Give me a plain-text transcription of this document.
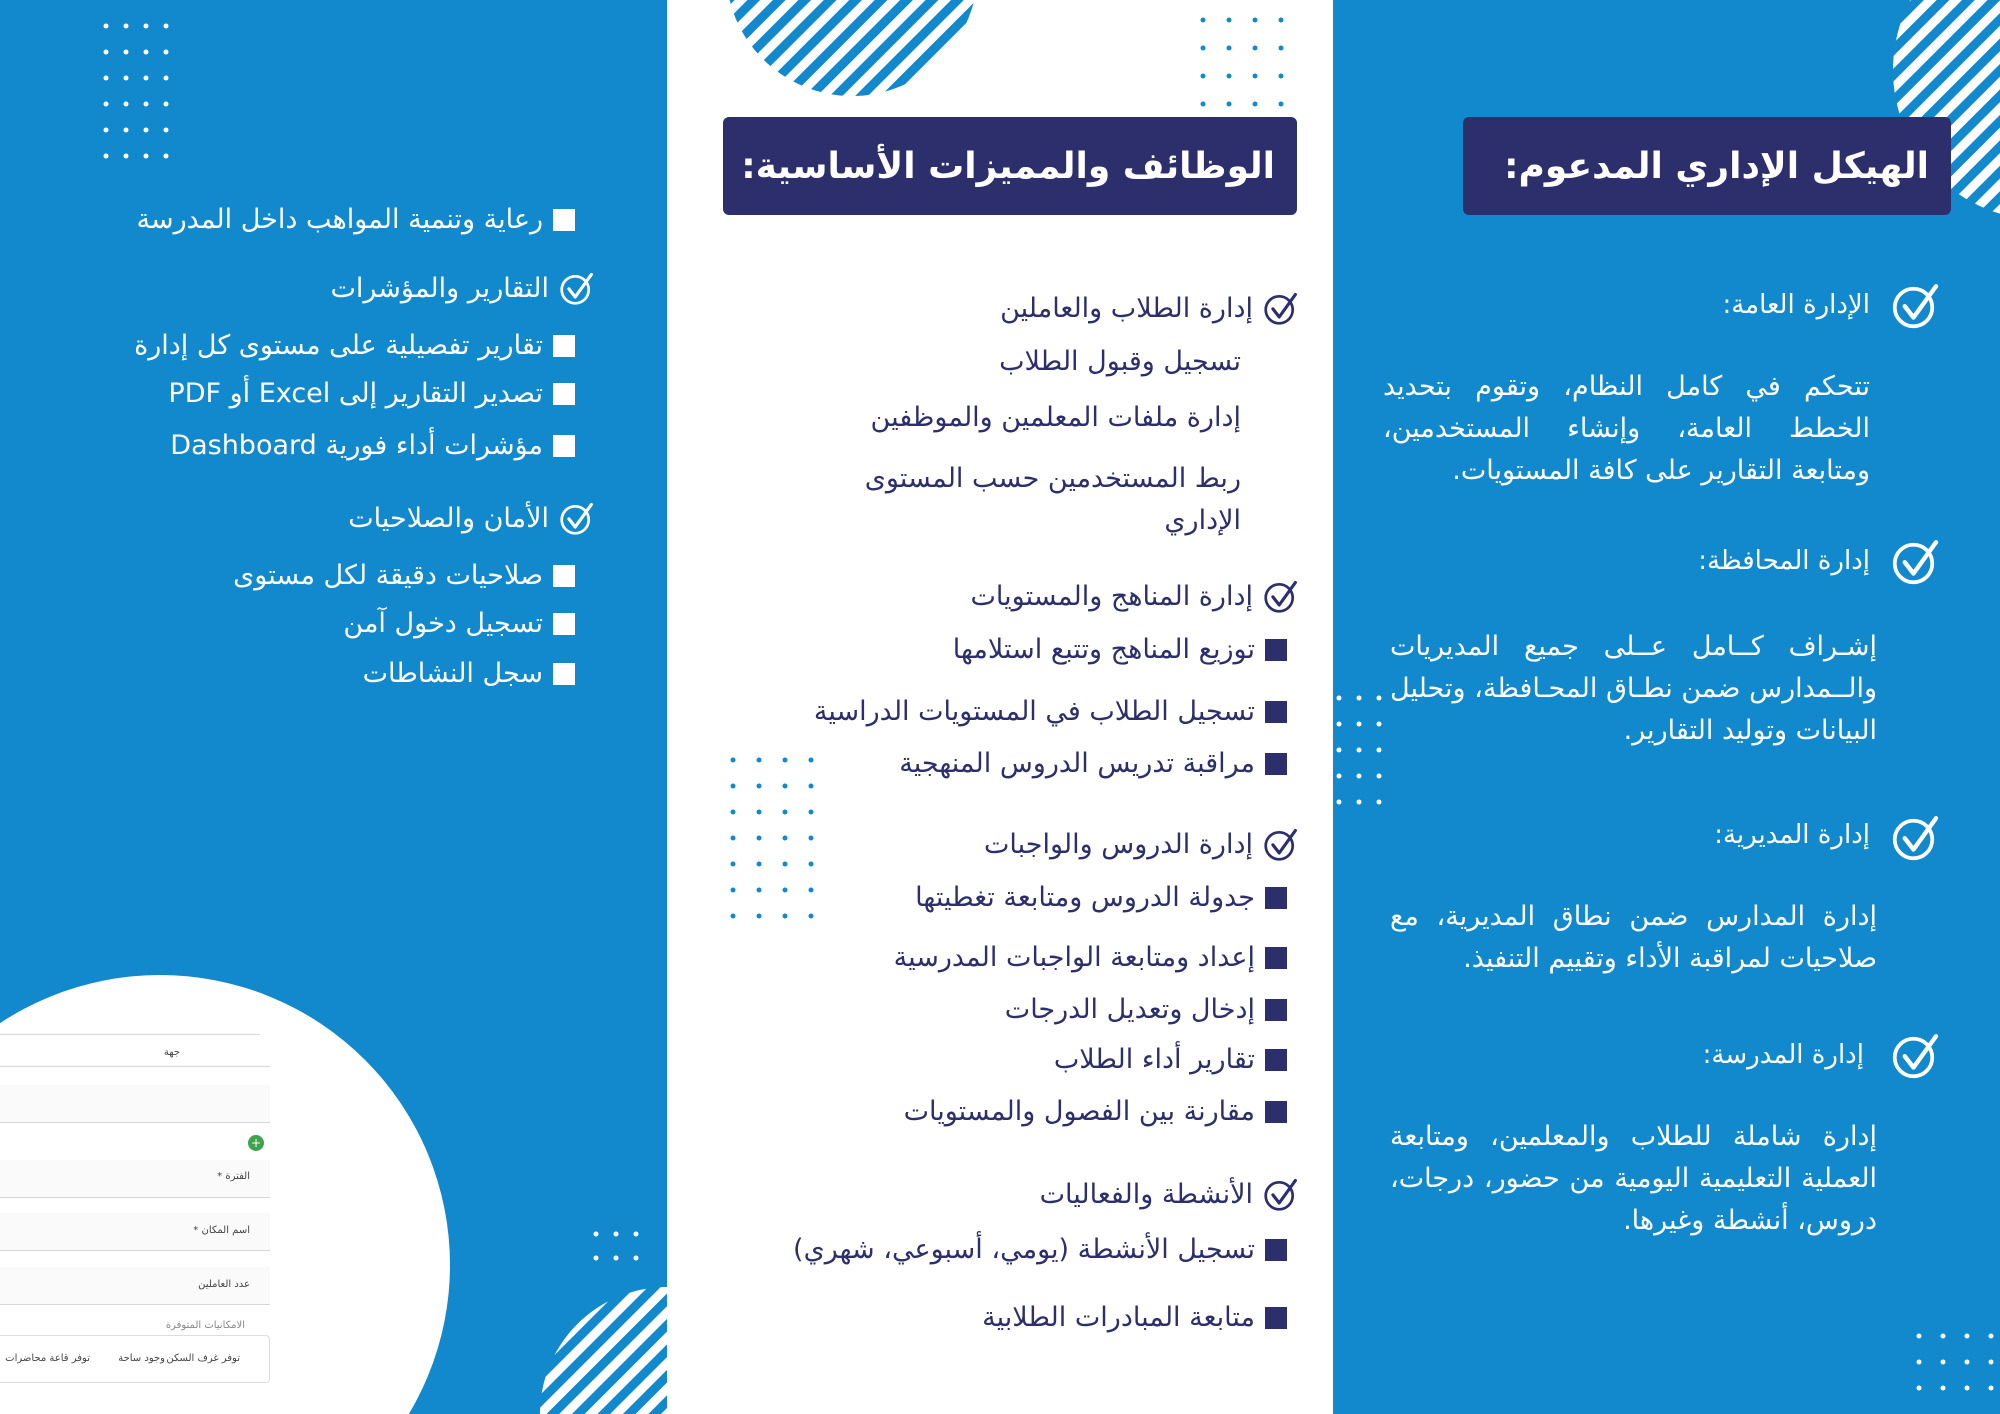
رعاية وتنمية المواهب داخل المدرسة
التقارير والمؤشرات
تقارير تفصيلية على مستوى كل إدارة
تصدير التقارير إلى Excel أو PDF
مؤشرات أداء فورية Dashboard
الأمان والصلاحيات
صلاحيات دقيقة لكل مستوى
تسجيل دخول آمن
سجل النشاطات
جهة
+
الفترة *
اسم المكان *
عدد العاملين
الامكانيات المتوفرة
توفر غرف السكن
وجود ساحة
توفر قاعة محاضرات
الوظائف والمميزات الأساسية:
إدارة الطلاب والعاملين
تسجيل وقبول الطلاب
إدارة ملفات المعلمين والموظفين
ربط المستخدمين حسب المستوى الإداري
إدارة المناهج والمستويات
توزيع المناهج وتتبع استلامها
تسجيل الطلاب في المستويات الدراسية
مراقبة تدريس الدروس المنهجية
إدارة الدروس والواجبات
جدولة الدروس ومتابعة تغطيتها
إعداد ومتابعة الواجبات المدرسية
إدخال وتعديل الدرجات
تقارير أداء الطلاب
مقارنة بين الفصول والمستويات
الأنشطة والفعاليات
تسجيل الأنشطة (يومي، أسبوعي، شهري)
متابعة المبادرات الطلابية
الهيكل الإداري المدعوم:
الإدارة العامة:
تتحكم في كامل النظام، وتقوم بتحديد الخطط العامة، وإنشاء المستخدمين، ومتابعة التقارير على كافة المستويات.
إدارة المحافظة:
إشـراف كــامل عــلى جميع المديريات والــمدارس ضمن نطـاق المحـافظة، وتحليل البيانات وتوليد التقارير.
إدارة المديرية:
إدارة المدارس ضمن نطاق المديرية، مع صلاحيات لمراقبة الأداء وتقييم التنفيذ.
إدارة المدرسة:
إدارة شاملة للطلاب والمعلمين، ومتابعة العملية التعليمية اليومية من حضور، درجات، دروس، أنشطة وغيرها.
